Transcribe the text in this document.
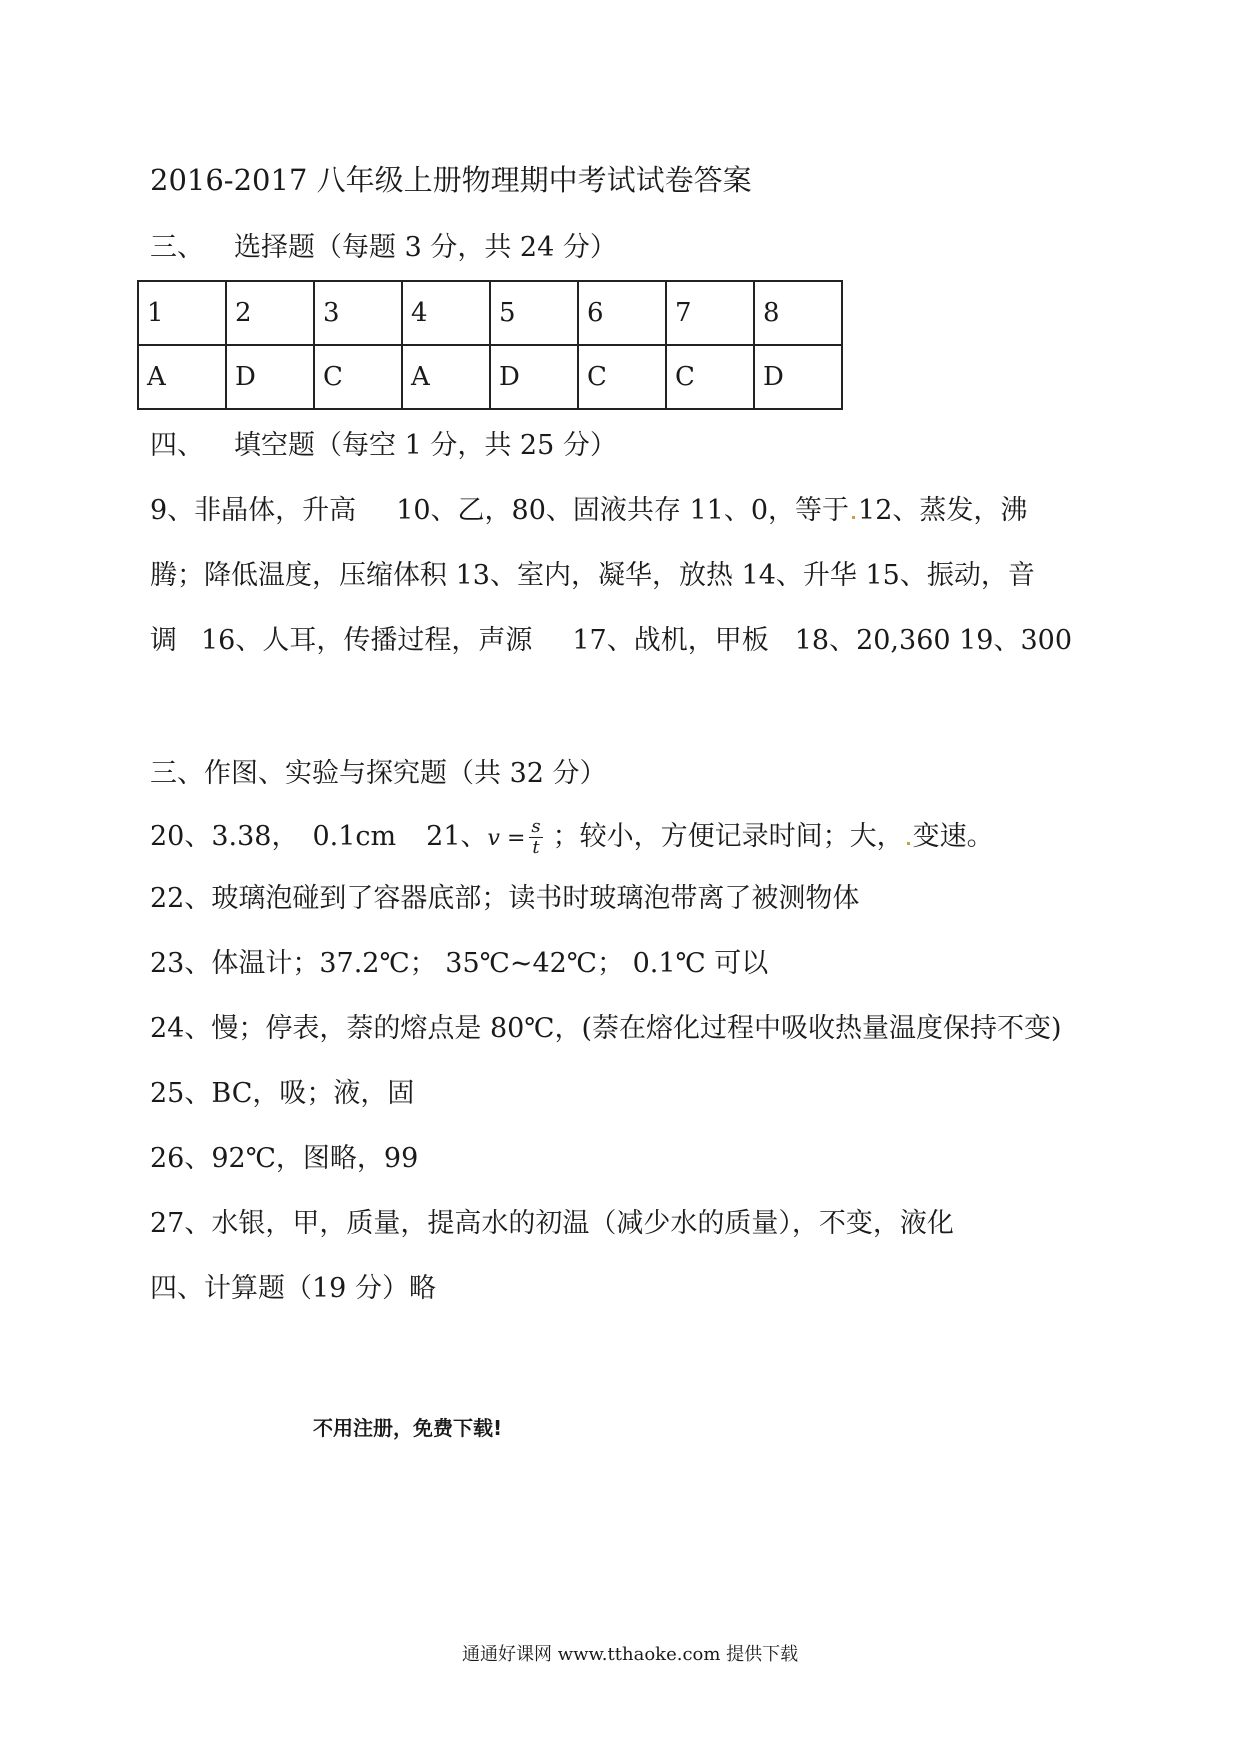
2016-2017 八年级上册物理期中考试试卷答案
三、 选择题（每题 3 分，共 24 分）
1	2	3	4	5	6	7	8
A	D	C	A	D	C	C	D
四、 填空题（每空 1 分，共 25 分）
9、非晶体，升高 10、乙，80、固液共存 11、0，等于 12、蒸发，沸
腾；降低温度，压缩体积 13、室内，凝华，放热 14、升华 15、振动，音
调 16、人耳，传播过程，声源 17、战机，甲板 18、20,360 19、300
三、作图、实验与探究题（共 32 分）
20、3.38， 0.1cm 21、$v = \frac{s}{t}$ ；较小，方便记录时间；大， 变速。
22、玻璃泡碰到了容器底部；读书时玻璃泡带离了被测物体
23、体温计；37.2℃； 35℃~42℃； 0.1℃ 可以
24、慢；停表，萘的熔点是 80℃，(萘在熔化过程中吸收热量温度保持不变)
25、BC，吸；液，固
26、92℃，图略，99
27、水银，甲，质量，提高水的初温（减少水的质量），不变，液化
四、计算题（19 分）略
不用注册，免费下载!
通通好课网 www.tthaoke.com 提供下载
